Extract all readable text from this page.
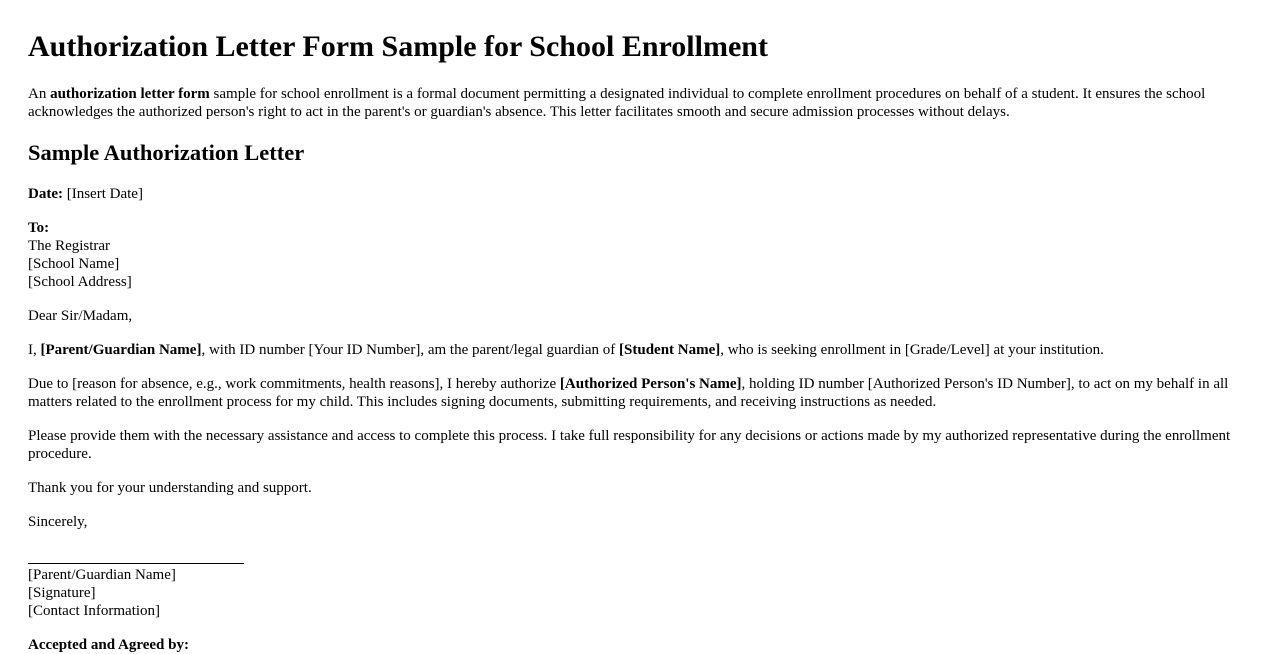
Authorization Letter Form Sample for School Enrollment

An authorization letter form sample for school enrollment is a formal document permitting a designated individual to complete enrollment procedures on behalf of a student. It ensures the school acknowledges the authorized person's right to act in the parent's or guardian's absence. This letter facilitates smooth and secure admission processes without delays.

Sample Authorization Letter

Date: [Insert Date]

To:
The Registrar
[School Name]
[School Address]

Dear Sir/Madam,

I, [Parent/Guardian Name], with ID number [Your ID Number], am the parent/legal guardian of [Student Name], who is seeking enrollment in [Grade/Level] at your institution.

Due to [reason for absence, e.g., work commitments, health reasons], I hereby authorize [Authorized Person's Name], holding ID number [Authorized Person's ID Number], to act on my behalf in all matters related to the enrollment process for my child. This includes signing documents, submitting requirements, and receiving instructions as needed.

Please provide them with the necessary assistance and access to complete this process. I take full responsibility for any decisions or actions made by my authorized representative during the enrollment procedure.

Thank you for your understanding and support.

Sincerely,

[Parent/Guardian Name]
[Signature]
[Contact Information]

Accepted and Agreed by:
